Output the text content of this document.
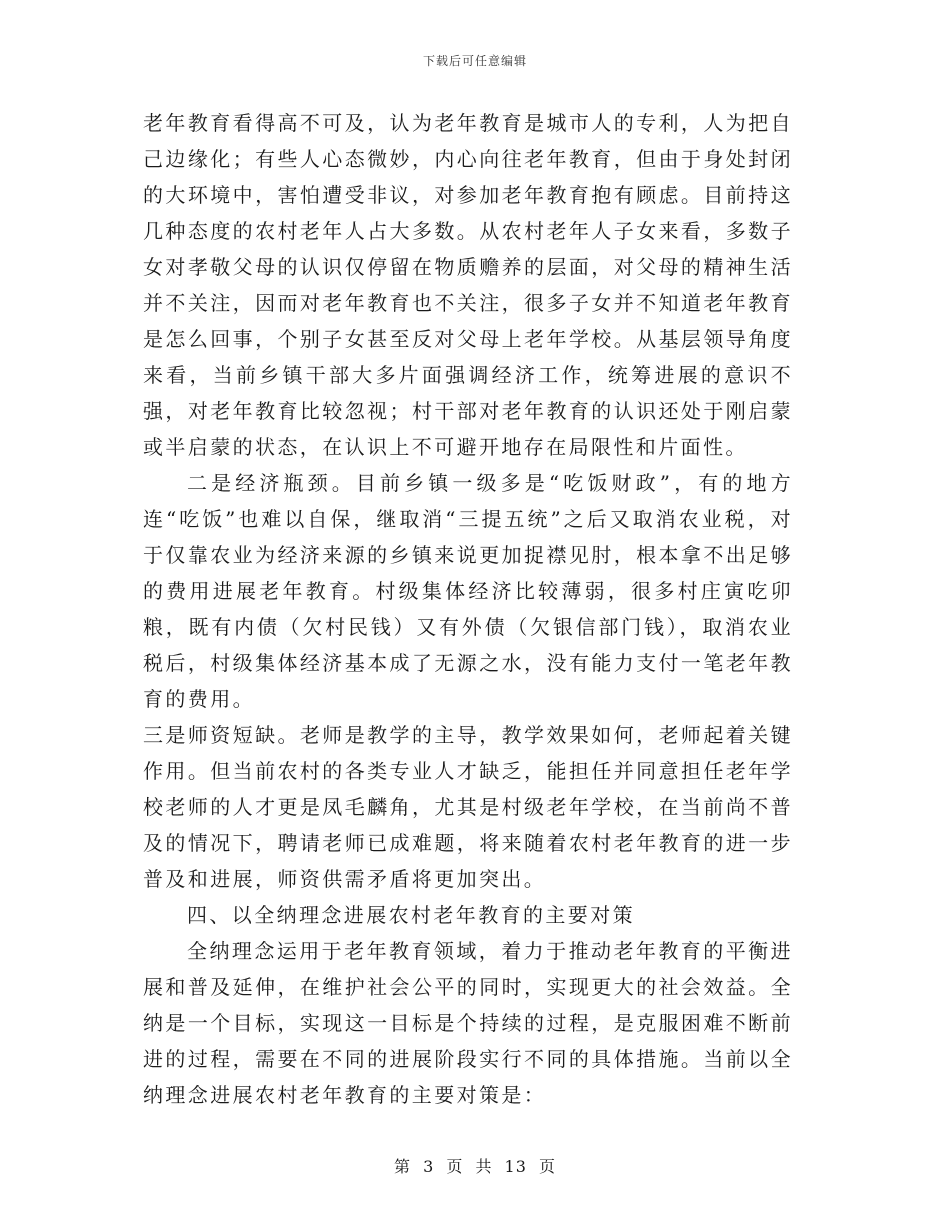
下载后可任意编辑

老年教育看得高不可及，认为老年教育是城市人的专利，人为把自己边缘化；有些人心态微妙，内心向往老年教育，但由于身处封闭的大环境中，害怕遭受非议，对参加老年教育抱有顾虑。目前持这几种态度的农村老年人占大多数。从农村老年人子女来看，多数子女对孝敬父母的认识仅停留在物质赡养的层面，对父母的精神生活并不关注，因而对老年教育也不关注，很多子女并不知道老年教育是怎么回事，个别子女甚至反对父母上老年学校。从基层领导角度来看，当前乡镇干部大多片面强调经济工作，统筹进展的意识不强，对老年教育比较忽视；村干部对老年教育的认识还处于刚启蒙或半启蒙的状态，在认识上不可避开地存在局限性和片面性。

二是经济瓶颈。目前乡镇一级多是“吃饭财政”，有的地方连“吃饭”也难以自保，继取消“三提五统”之后又取消农业税，对于仅靠农业为经济来源的乡镇来说更加捉襟见肘，根本拿不出足够的费用进展老年教育。村级集体经济比较薄弱，很多村庄寅吃卯粮，既有内债（欠村民钱）又有外债（欠银信部门钱），取消农业税后，村级集体经济基本成了无源之水，没有能力支付一笔老年教育的费用。

三是师资短缺。老师是教学的主导，教学效果如何，老师起着关键作用。但当前农村的各类专业人才缺乏，能担任并同意担任老年学校老师的人才更是凤毛麟角，尤其是村级老年学校，在当前尚不普及的情况下，聘请老师已成难题，将来随着农村老年教育的进一步普及和进展，师资供需矛盾将更加突出。

四、以全纳理念进展农村老年教育的主要对策

全纳理念运用于老年教育领域，着力于推动老年教育的平衡进展和普及延伸，在维护社会公平的同时，实现更大的社会效益。全纳是一个目标，实现这一目标是个持续的过程，是克服困难不断前进的过程，需要在不同的进展阶段实行不同的具体措施。当前以全纳理念进展农村老年教育的主要对策是：

第 3 页 共 13 页
